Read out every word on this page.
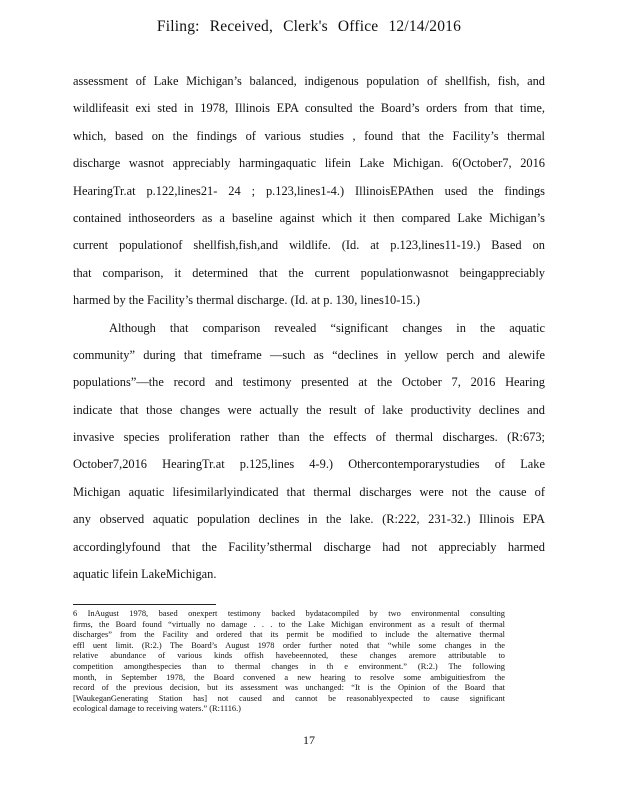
Filing: Received, Clerk's Office 12/14/2016
assessment of Lake Michigan’s balanced, indigenous population of shellfish, fish, and
wildlifeasit exi sted in 1978, Illinois EPA consulted the Board’s orders from that time,
which, based on the findings of various studies , found that the Facility’s thermal
discharge wasnot appreciably harmingaquatic lifein Lake Michigan. 6(October7, 2016
HearingTr.at p.122,lines21- 24 ; p.123,lines1-4.) IllinoisEPAthen used the findings
contained inthoseorders as a baseline against which it then compared Lake Michigan’s
current populationof shellfish,fish,and wildlife. (Id. at p.123,lines11-19.) Based on
that comparison, it determined that the current populationwasnot beingappreciably
harmed by the Facility’s thermal discharge. (Id. at p. 130, lines10-15.)
Although that comparison revealed “significant changes in the aquatic
community” during that timeframe —such as “declines in yellow perch and alewife
populations”—the record and testimony presented at the October 7, 2016 Hearing
indicate that those changes were actually the result of lake productivity declines and
invasive species proliferation rather than the effects of thermal discharges. (R:673;
October7,2016 HearingTr.at p.125,lines 4-9.) Othercontemporarystudies of Lake
Michigan aquatic lifesimilarlyindicated that thermal discharges were not the cause of
any observed aquatic population declines in the lake. (R:222, 231-32.) Illinois EPA
accordinglyfound that the Facility’sthermal discharge had not appreciably harmed
aquatic lifein LakeMichigan.
6 InAugust 1978, based onexpert testimony backed bydatacompiled by two environmental consulting
firms, the Board found “virtually no damage . . . to the Lake Michigan environment as a result of thermal
discharges” from the Facility and ordered that its permit be modified to include the alternative thermal
effl uent limit. (R:2.) The Board’s August 1978 order further noted that “while some changes in the
relative abundance of various kinds offish havebeennoted, these changes aremore attributable to
competition amongthespecies than to thermal changes in th e environment.” (R:2.) The following
month, in September 1978, the Board convened a new hearing to resolve some ambiguitiesfrom the
record of the previous decision, but its assessment was unchanged: “It is the Opinion of the Board that
[WaukeganGenerating Station has] not caused and cannot be reasonablyexpected to cause significant
ecological damage to receiving waters.” (R:1116.)
17
